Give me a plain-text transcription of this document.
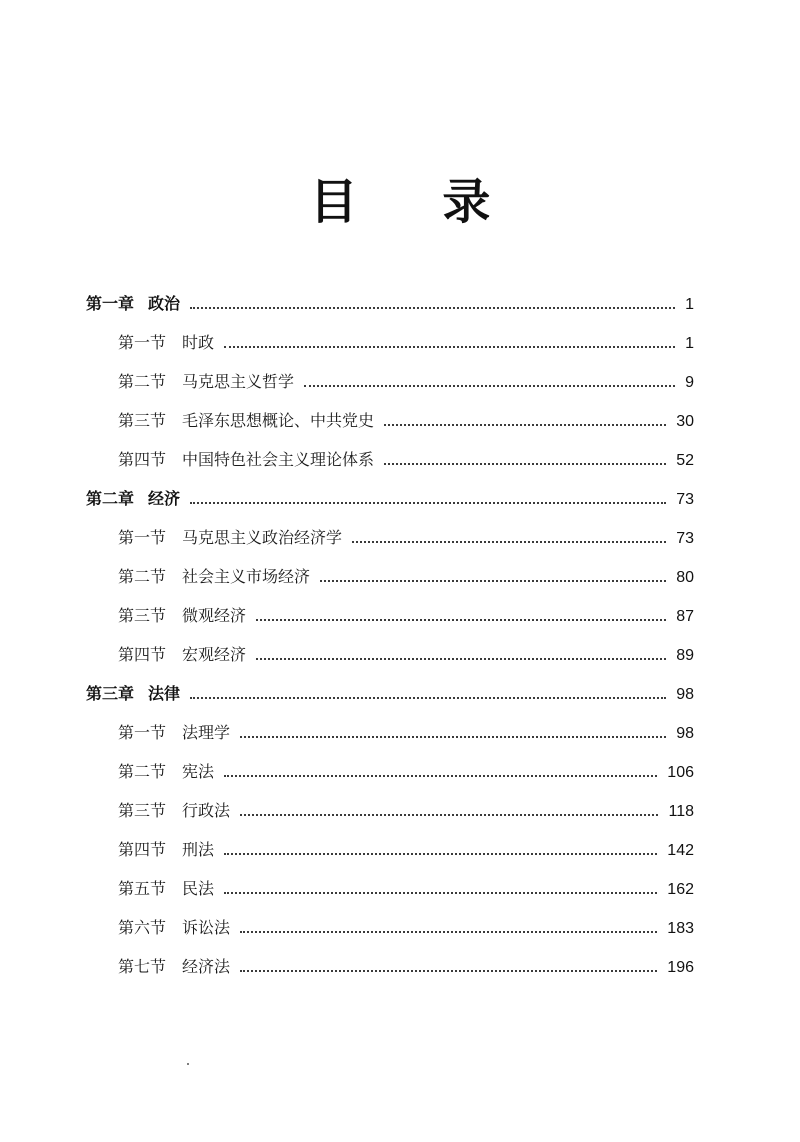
目 录
第一章 政治	1
第一节 时政	1
第二节 马克思主义哲学	9
第三节 毛泽东思想概论、中共党史	30
第四节 中国特色社会主义理论体系	52
第二章 经济	73
第一节 马克思主义政治经济学	73
第二节 社会主义市场经济	80
第三节 微观经济	87
第四节 宏观经济	89
第三章 法律	98
第一节 法理学	98
第二节 宪法	106
第三节 行政法	118
第四节 刑法	142
第五节 民法	162
第六节 诉讼法	183
第七节 经济法	196
